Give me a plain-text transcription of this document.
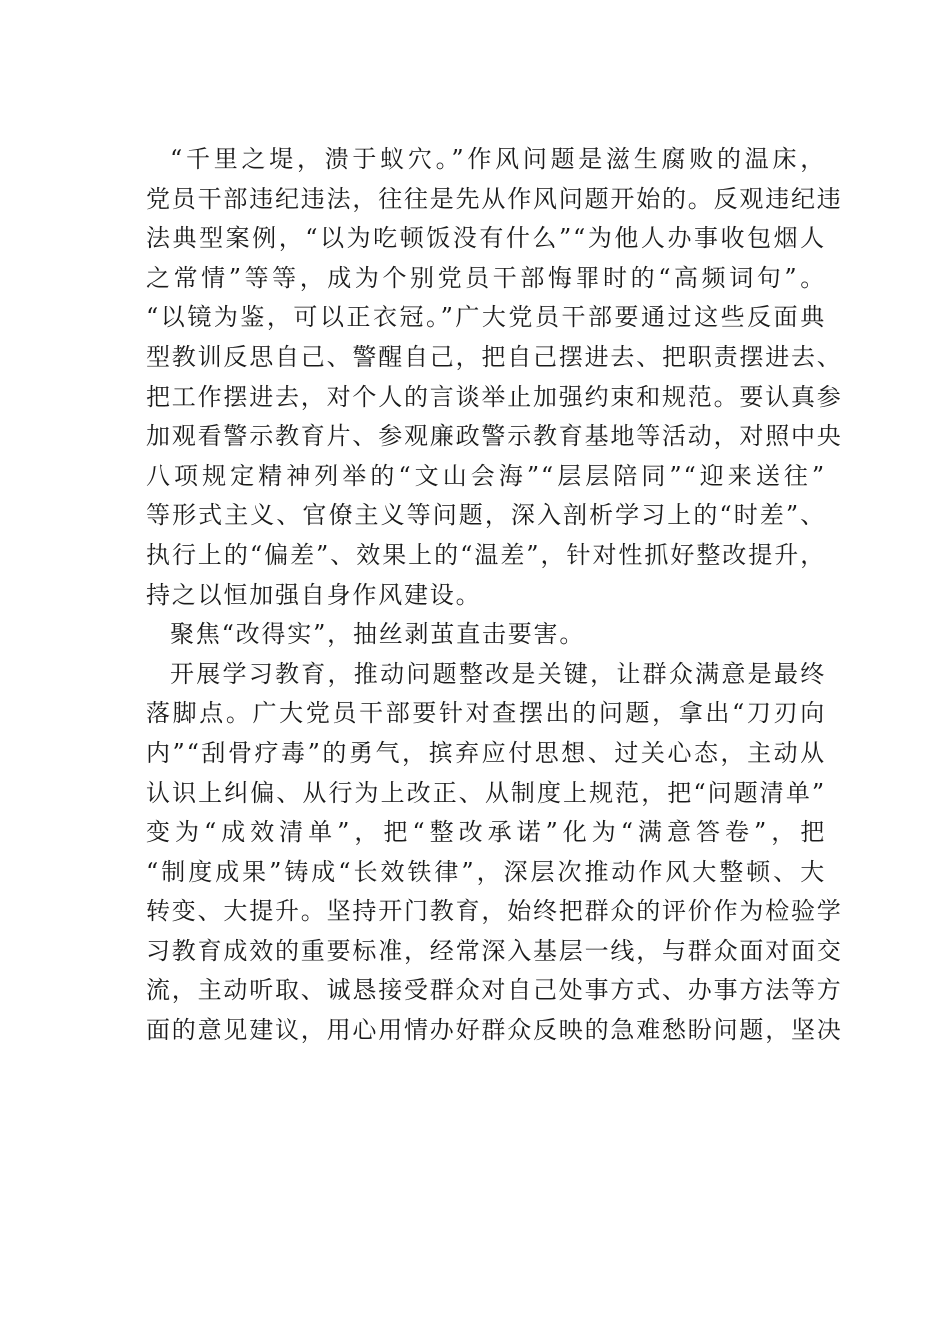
“千里之堤，溃于蚁穴。”作风问题是滋生腐败的温床，
党员干部违纪违法，往往是先从作风问题开始的。反观违纪违
法典型案例，“以为吃顿饭没有什么”“为他人办事收包烟人
之常情”等等，成为个别党员干部悔罪时的“高频词句”。
“以镜为鉴，可以正衣冠。”广大党员干部要通过这些反面典
型教训反思自己、警醒自己，把自己摆进去、把职责摆进去、
把工作摆进去，对个人的言谈举止加强约束和规范。要认真参
加观看警示教育片、参观廉政警示教育基地等活动，对照中央
八项规定精神列举的“文山会海”“层层陪同”“迎来送往”
等形式主义、官僚主义等问题，深入剖析学习上的“时差”、
执行上的“偏差”、效果上的“温差”，针对性抓好整改提升，
持之以恒加强自身作风建设。
聚焦“改得实”，抽丝剥茧直击要害。
开展学习教育，推动问题整改是关键，让群众满意是最终
落脚点。广大党员干部要针对查摆出的问题，拿出“刀刃向
内”“刮骨疗毒”的勇气，摈弃应付思想、过关心态，主动从
认识上纠偏、从行为上改正、从制度上规范，把“问题清单”
变为“成效清单”，把“整改承诺”化为“满意答卷”，把
“制度成果”铸成“长效铁律”，深层次推动作风大整顿、大
转变、大提升。坚持开门教育，始终把群众的评价作为检验学
习教育成效的重要标准，经常深入基层一线，与群众面对面交
流，主动听取、诚恳接受群众对自己处事方式、办事方法等方
面的意见建议，用心用情办好群众反映的急难愁盼问题，坚决
